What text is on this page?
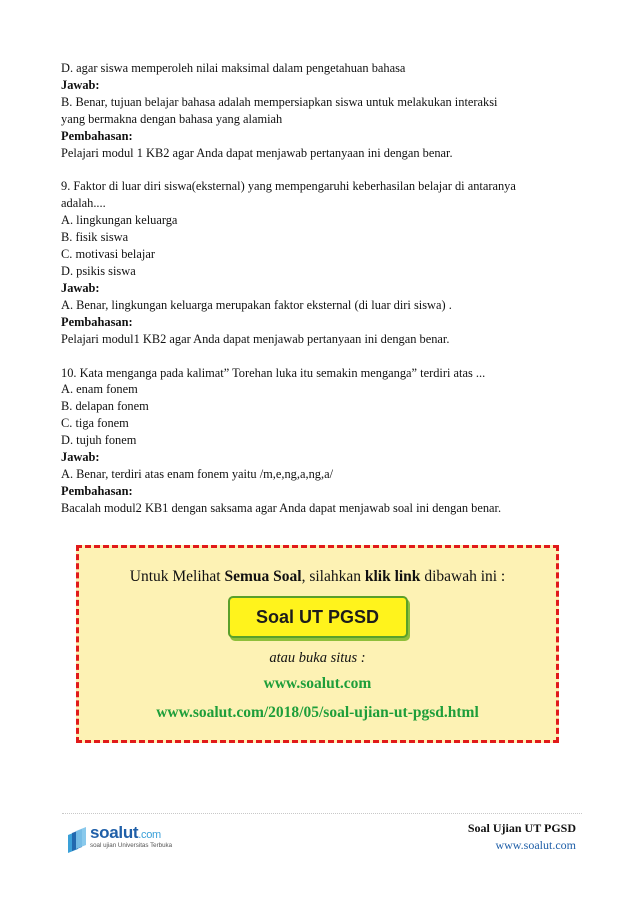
D. agar siswa memperoleh nilai maksimal dalam pengetahuan bahasa
Jawab:
B. Benar, tujuan belajar bahasa adalah mempersiapkan siswa untuk melakukan interaksi
yang bermakna dengan bahasa yang alamiah
Pembahasan:
Pelajari modul 1 KB2 agar Anda dapat menjawab pertanyaan ini dengan benar.
9. Faktor di luar diri siswa(eksternal) yang mempengaruhi keberhasilan belajar di antaranya
adalah....
A. lingkungan keluarga
B. fisik siswa
C. motivasi belajar
D. psikis siswa
Jawab:
A. Benar, lingkungan keluarga merupakan faktor eksternal (di luar diri siswa) .
Pembahasan:
Pelajari modul1 KB2 agar Anda dapat menjawab pertanyaan ini dengan benar.
10. Kata menganga pada kalimat” Torehan luka itu semakin menganga” terdiri atas ...
A. enam fonem
B. delapan fonem
C. tiga fonem
D. tujuh fonem
Jawab:
A. Benar, terdiri atas enam fonem yaitu /m,e,ng,a,ng,a/
Pembahasan:
Bacalah modul2 KB1 dengan saksama agar Anda dapat menjawab soal ini dengan benar.
Untuk Melihat Semua Soal, silahkan klik link dibawah ini :
Soal UT PGSD
atau buka situs :
www.soalut.com
www.soalut.com/2018/05/soal-ujian-ut-pgsd.html
soalut.com
soal ujian Universitas Terbuka
Soal Ujian UT PGSD
www.soalut.com
